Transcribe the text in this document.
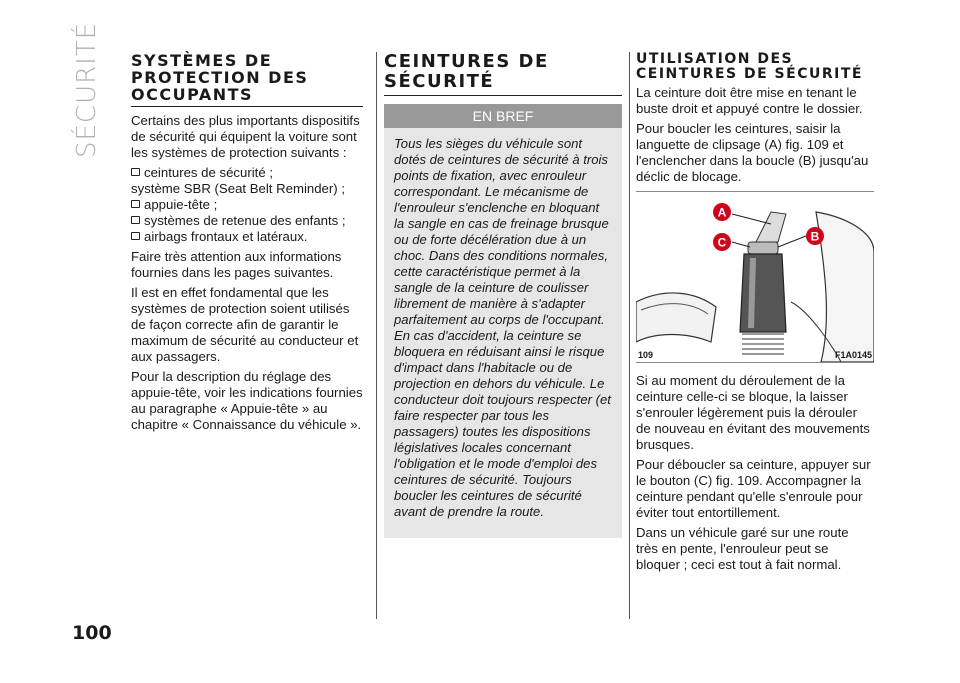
SÉCURITÉ
100
SYSTÈMES DE PROTECTION DES OCCUPANTS

Certains des plus importants dispositifs de sécurité qui équipent la voiture sont les systèmes de protection suivants :

ceintures de sécurité ;

système SBR (Seat Belt Reminder) ;

appuie-tête ;
systèmes de retenue des enfants ;
airbags frontaux et latéraux.

Faire très attention aux informations fournies dans les pages suivantes.

Il est en effet fondamental que les systèmes de protection soient utilisés de façon correcte afin de garantir le maximum de sécurité au conducteur et aux passagers.

Pour la description du réglage des appuie-tête, voir les indications fournies au paragraphe « Appuie-tête » au chapitre « Connaissance du véhicule ».

CEINTURES DE SÉCURITÉ
EN BREF
Tous les sièges du véhicule sont dotés de ceintures de sécurité à trois points de fixation, avec enrouleur correspondant. Le mécanisme de l'enrouleur s'enclenche en bloquant la sangle en cas de freinage brusque ou de forte décélération due à un choc. Dans des conditions normales, cette caractéristique permet à la sangle de la ceinture de coulisser librement de manière à s'adapter parfaitement au corps de l'occupant. En cas d'accident, la ceinture se bloquera en réduisant ainsi le risque d'impact dans l'habitacle ou de projection en dehors du véhicule. Le conducteur doit toujours respecter (et faire respecter par tous les passagers) toutes les dispositions législatives locales concernant l'obligation et le mode d'emploi des ceintures de sécurité. Toujours boucler les ceintures de sécurité avant de prendre la route.
UTILISATION DES CEINTURES DE SÉCURITÉ

La ceinture doit être mise en tenant le buste droit et appuyé contre le dossier.

Pour boucler les ceintures, saisir la languette de clipsage (A) fig. 109 et l'enclencher dans la boucle (B) jusqu'au déclic de blocage.

A
C	B
109	F1A0145

Si au moment du déroulement de la ceinture celle-ci se bloque, la laisser s'enrouler légèrement puis la dérouler de nouveau en évitant des mouvements brusques.

Pour déboucler sa ceinture, appuyer sur le bouton (C) fig. 109. Accompagner la ceinture pendant qu'elle s'enroule pour éviter tout entortillement.

Dans un véhicule garé sur une route très en pente, l'enrouleur peut se bloquer ; ceci est tout à fait normal.
